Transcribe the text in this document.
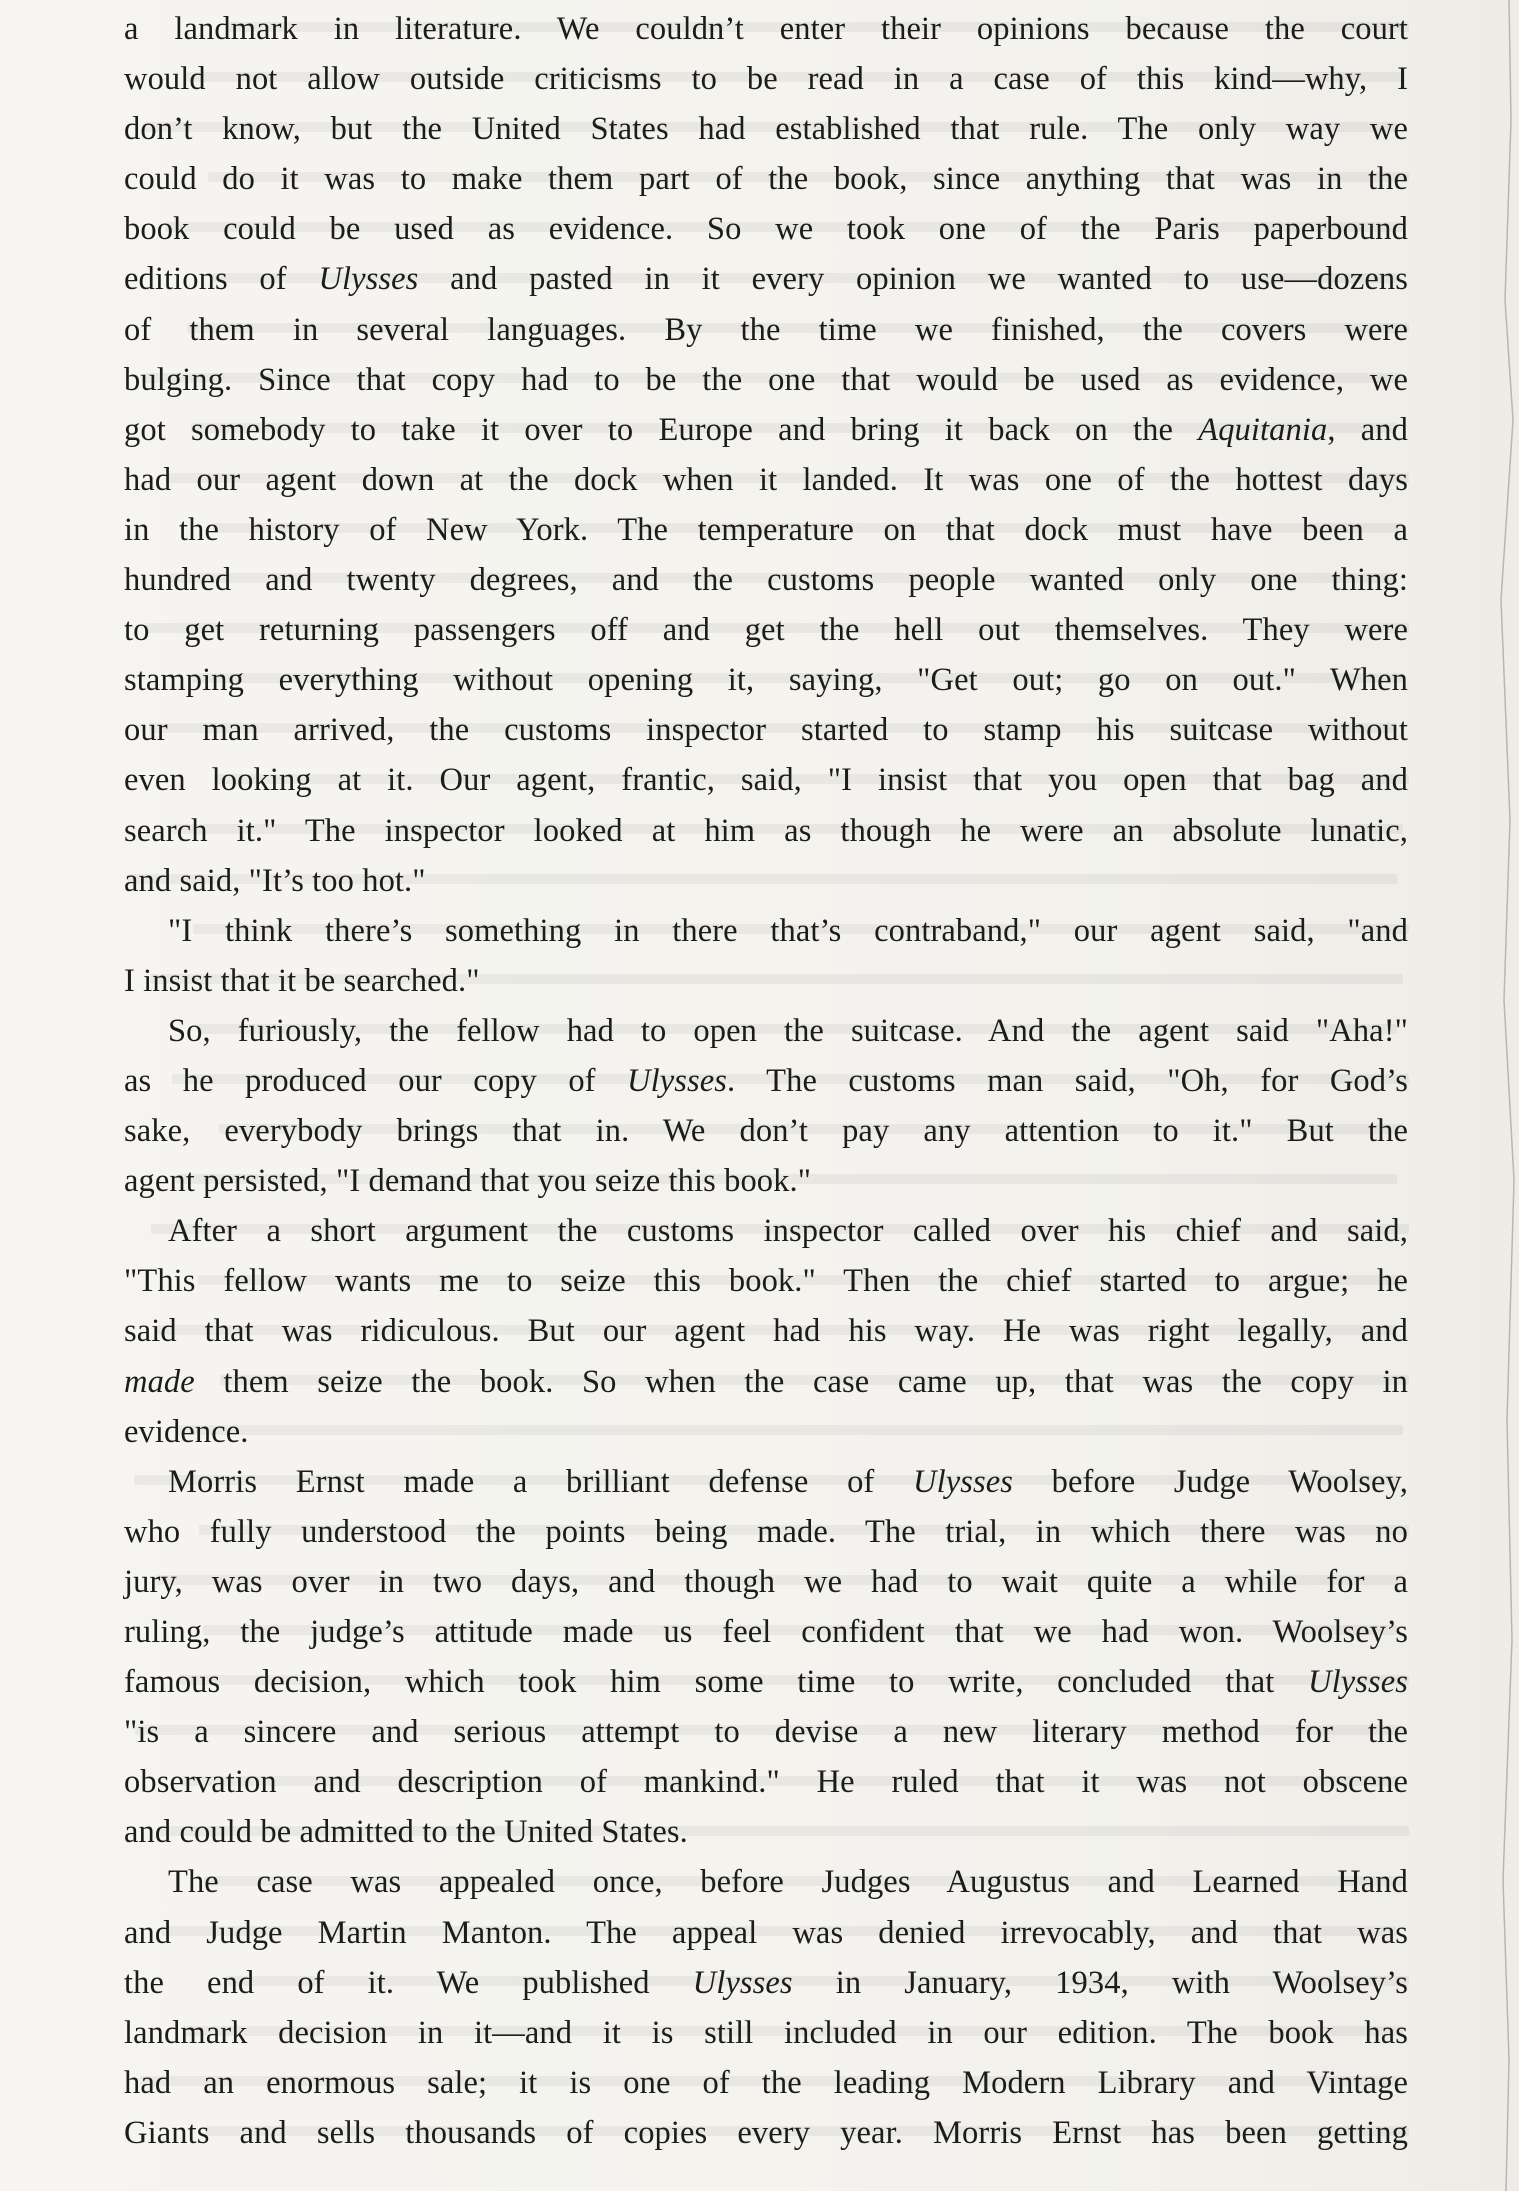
a landmark in literature. We couldn’t enter their opinions because the court
would not allow outside criticisms to be read in a case of this kind—why, I
don’t know, but the United States had established that rule. The only way we
could do it was to make them part of the book, since anything that was in the
book could be used as evidence. So we took one of the Paris paperbound
editions of Ulysses and pasted in it every opinion we wanted to use—dozens
of them in several languages. By the time we finished, the covers were
bulging. Since that copy had to be the one that would be used as evidence, we
got somebody to take it over to Europe and bring it back on the Aquitania, and
had our agent down at the dock when it landed. It was one of the hottest days
in the history of New York. The temperature on that dock must have been a
hundred and twenty degrees, and the customs people wanted only one thing:
to get returning passengers off and get the hell out themselves. They were
stamping everything without opening it, saying, "Get out; go on out." When
our man arrived, the customs inspector started to stamp his suitcase without
even looking at it. Our agent, frantic, said, "I insist that you open that bag and
search it." The inspector looked at him as though he were an absolute lunatic,
and said, "It’s too hot."
"I think there’s something in there that’s contraband," our agent said, "and
I insist that it be searched."
So, furiously, the fellow had to open the suitcase. And the agent said "Aha!"
as he produced our copy of Ulysses. The customs man said, "Oh, for God’s
sake, everybody brings that in. We don’t pay any attention to it." But the
agent persisted, "I demand that you seize this book."
After a short argument the customs inspector called over his chief and said,
"This fellow wants me to seize this book." Then the chief started to argue; he
said that was ridiculous. But our agent had his way. He was right legally, and
made them seize the book. So when the case came up, that was the copy in
evidence.
Morris Ernst made a brilliant defense of Ulysses before Judge Woolsey,
who fully understood the points being made. The trial, in which there was no
jury, was over in two days, and though we had to wait quite a while for a
ruling, the judge’s attitude made us feel confident that we had won. Woolsey’s
famous decision, which took him some time to write, concluded that Ulysses
"is a sincere and serious attempt to devise a new literary method for the
observation and description of mankind." He ruled that it was not obscene
and could be admitted to the United States.
The case was appealed once, before Judges Augustus and Learned Hand
and Judge Martin Manton. The appeal was denied irrevocably, and that was
the end of it. We published Ulysses in January, 1934, with Woolsey’s
landmark decision in it—and it is still included in our edition. The book has
had an enormous sale; it is one of the leading Modern Library and Vintage
Giants and sells thousands of copies every year. Morris Ernst has been getting
